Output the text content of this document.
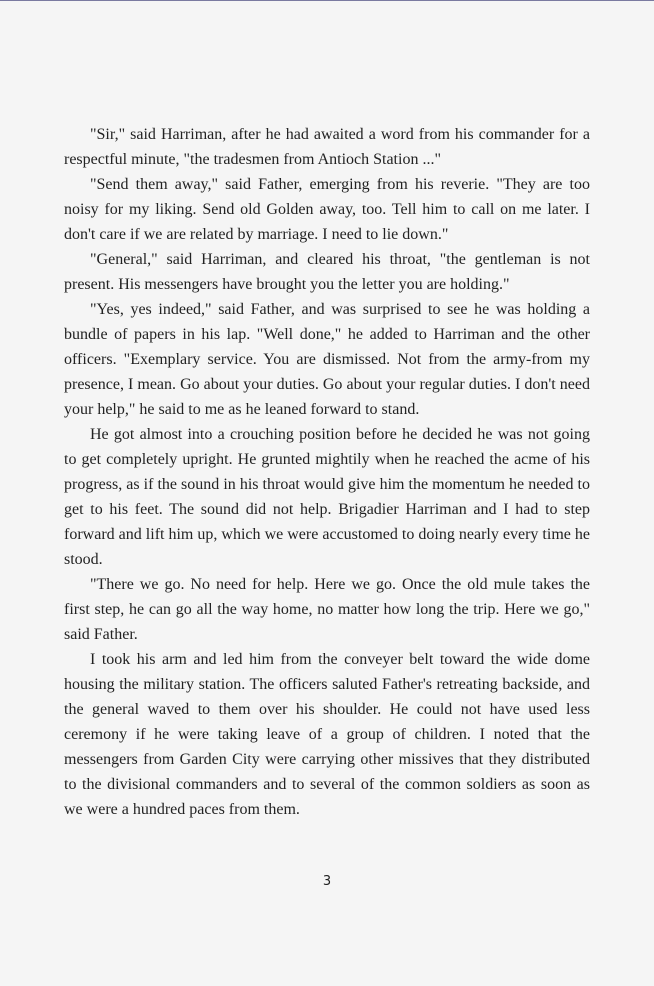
"Sir," said Harriman, after he had awaited a word from his commander for a respectful minute, "the tradesmen from Antioch Station ..."

"Send them away," said Father, emerging from his reverie. "They are too noisy for my liking. Send old Golden away, too. Tell him to call on me later. I don't care if we are related by marriage. I need to lie down."

"General," said Harriman, and cleared his throat, "the gentleman is not present. His messengers have brought you the letter you are holding."

"Yes, yes indeed," said Father, and was surprised to see he was holding a bundle of papers in his lap. "Well done," he added to Harriman and the other officers. "Exemplary service. You are dismissed. Not from the army-from my presence, I mean. Go about your duties. Go about your regular duties. I don't need your help," he said to me as he leaned forward to stand.

He got almost into a crouching position before he decided he was not going to get completely upright. He grunted mightily when he reached the acme of his progress, as if the sound in his throat would give him the momentum he needed to get to his feet. The sound did not help. Brigadier Harriman and I had to step forward and lift him up, which we were accustomed to doing nearly every time he stood.

"There we go. No need for help. Here we go. Once the old mule takes the first step, he can go all the way home, no matter how long the trip. Here we go," said Father.

I took his arm and led him from the conveyer belt toward the wide dome housing the military station. The officers saluted Father's retreating backside, and the general waved to them over his shoulder. He could not have used less ceremony if he were taking leave of a group of children. I noted that the messengers from Garden City were carrying other missives that they distributed to the divisional commanders and to several of the common soldiers as soon as we were a hundred paces from them.

3
